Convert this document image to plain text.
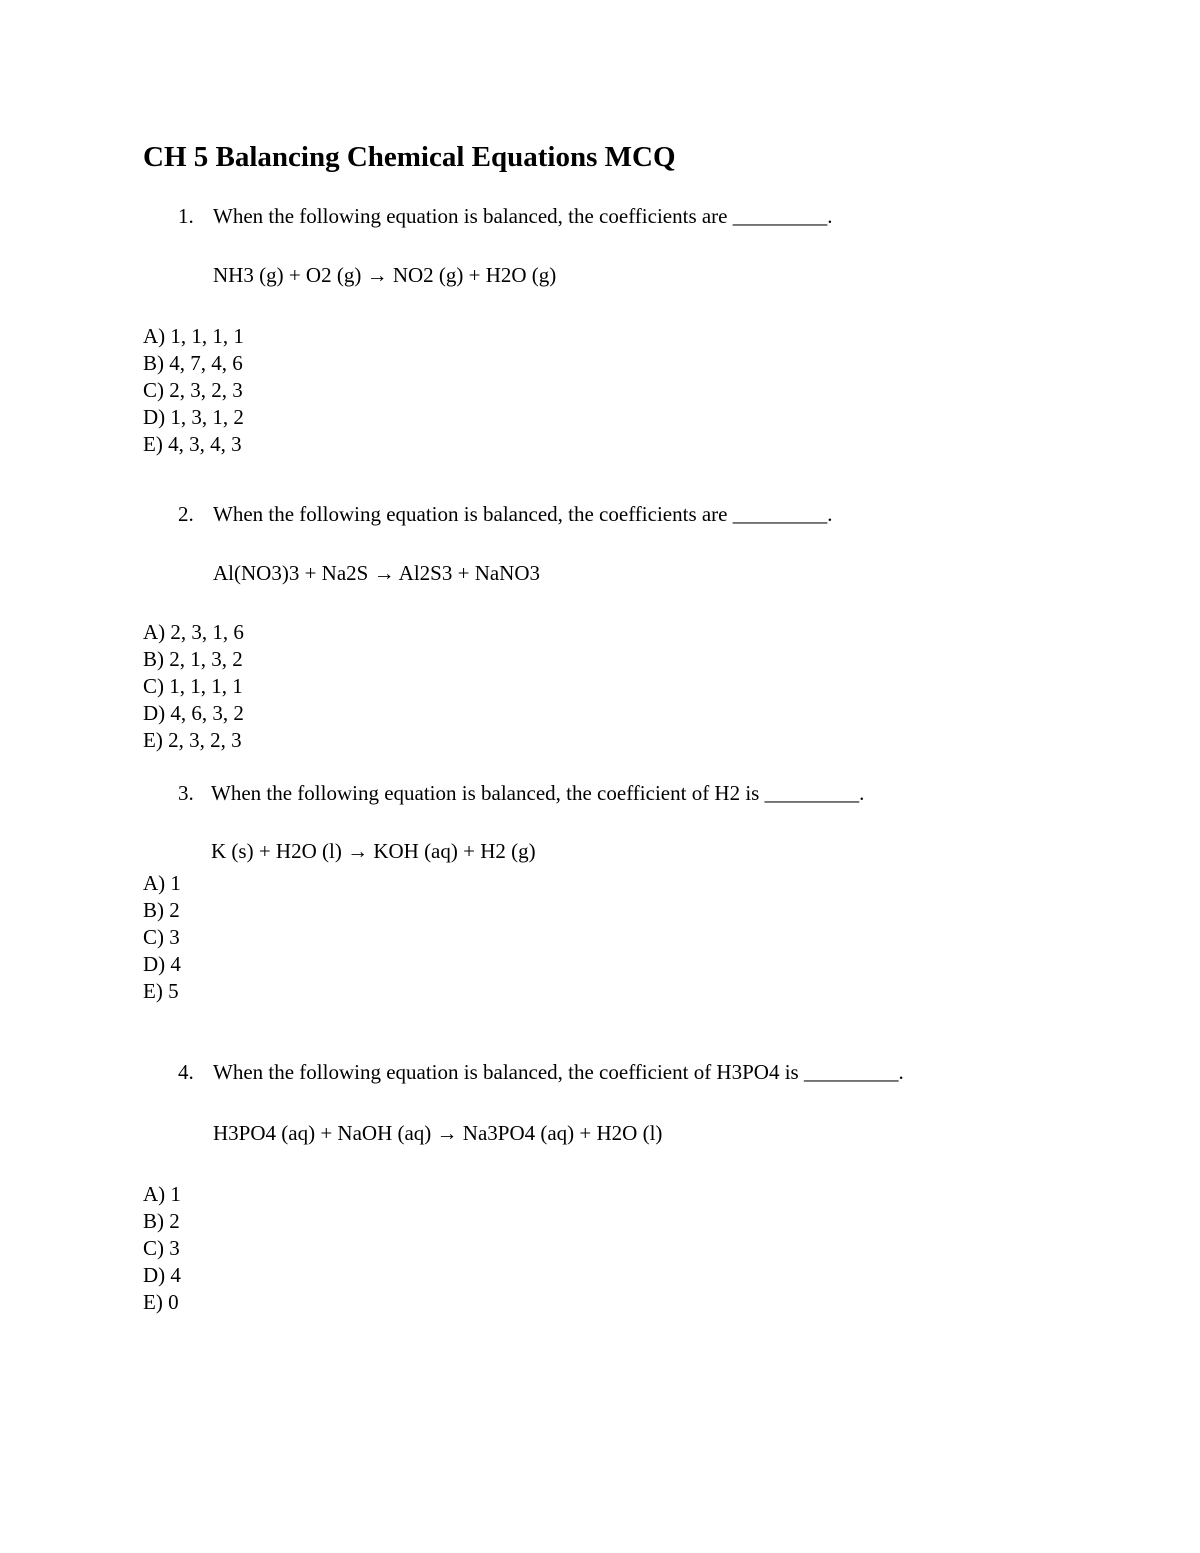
CH 5 Balancing Chemical Equations MCQ
1. When the following equation is balanced, the coefficients are _________.
NH3 (g) + O2 (g) → NO2 (g) + H2O (g)
A) 1, 1, 1, 1
B) 4, 7, 4, 6
C) 2, 3, 2, 3
D) 1, 3, 1, 2
E) 4, 3, 4, 3
2. When the following equation is balanced, the coefficients are _________.
Al(NO3)3 + Na2S → Al2S3 + NaNO3
A) 2, 3, 1, 6
B) 2, 1, 3, 2
C) 1, 1, 1, 1
D) 4, 6, 3, 2
E) 2, 3, 2, 3
3. When the following equation is balanced, the coefficient of H2 is _________.
K (s) + H2O (l) → KOH (aq) + H2 (g)
A) 1
B) 2
C) 3
D) 4
E) 5
4. When the following equation is balanced, the coefficient of H3PO4 is _________.
H3PO4 (aq) + NaOH (aq) → Na3PO4 (aq) + H2O (l)
A) 1
B) 2
C) 3
D) 4
E) 0
